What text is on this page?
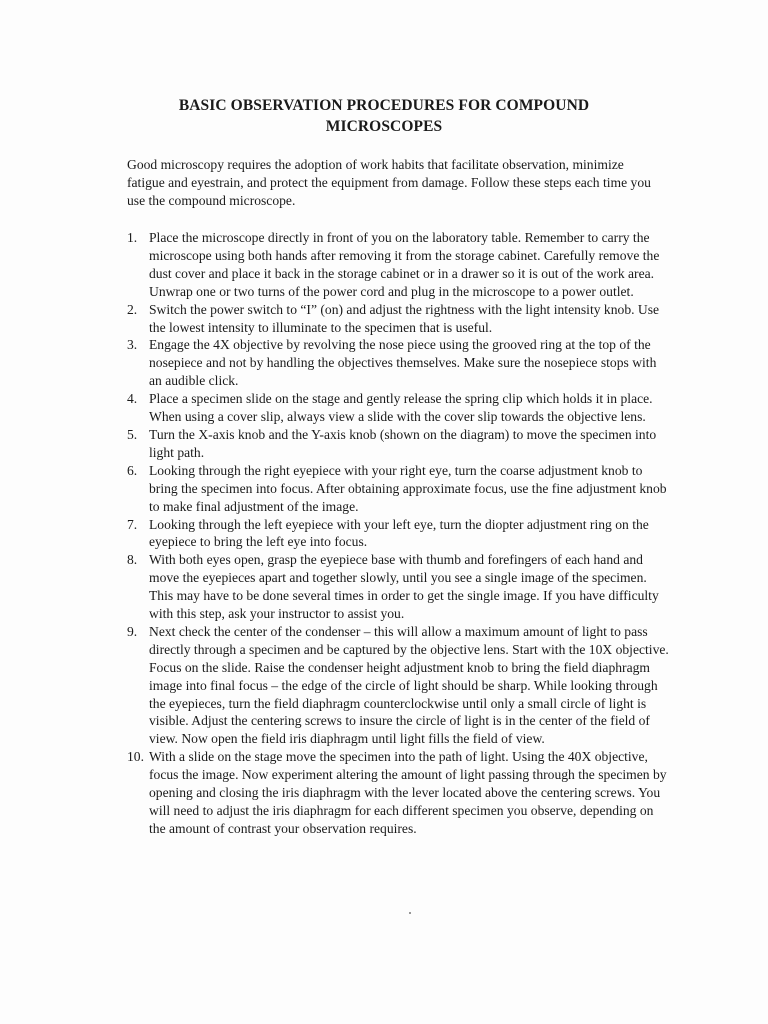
BASIC OBSERVATION PROCEDURES FOR COMPOUND
MICROSCOPES
Good microscopy requires the adoption of work habits that facilitate observation, minimize fatigue and eyestrain, and protect the equipment from damage. Follow these steps each time you use the compound microscope.
1. Place the microscope directly in front of you on the laboratory table. Remember to carry the microscope using both hands after removing it from the storage cabinet. Carefully remove the dust cover and place it back in the storage cabinet or in a drawer so it is out of the work area. Unwrap one or two turns of the power cord and plug in the microscope to a power outlet.
2. Switch the power switch to “I” (on) and adjust the rightness with the light intensity knob. Use the lowest intensity to illuminate to the specimen that is useful.
3. Engage the 4X objective by revolving the nose piece using the grooved ring at the top of the nosepiece and not by handling the objectives themselves. Make sure the nosepiece stops with an audible click.
4. Place a specimen slide on the stage and gently release the spring clip which holds it in place. When using a cover slip, always view a slide with the cover slip towards the objective lens.
5. Turn the X-axis knob and the Y-axis knob (shown on the diagram) to move the specimen into light path.
6. Looking through the right eyepiece with your right eye, turn the coarse adjustment knob to bring the specimen into focus. After obtaining approximate focus, use the fine adjustment knob to make final adjustment of the image.
7. Looking through the left eyepiece with your left eye, turn the diopter adjustment ring on the eyepiece to bring the left eye into focus.
8. With both eyes open, grasp the eyepiece base with thumb and forefingers of each hand and move the eyepieces apart and together slowly, until you see a single image of the specimen. This may have to be done several times in order to get the single image. If you have difficulty with this step, ask your instructor to assist you.
9. Next check the center of the condenser – this will allow a maximum amount of light to pass directly through a specimen and be captured by the objective lens. Start with the 10X objective. Focus on the slide. Raise the condenser height adjustment knob to bring the field diaphragm image into final focus – the edge of the circle of light should be sharp. While looking through the eyepieces, turn the field diaphragm counterclockwise until only a small circle of light is visible. Adjust the centering screws to insure the circle of light is in the center of the field of view. Now open the field iris diaphragm until light fills the field of view.
10. With a slide on the stage move the specimen into the path of light. Using the 40X objective, focus the image. Now experiment altering the amount of light passing through the specimen by opening and closing the iris diaphragm with the lever located above the centering screws. You will need to adjust the iris diaphragm for each different specimen you observe, depending on the amount of contrast your observation requires.
